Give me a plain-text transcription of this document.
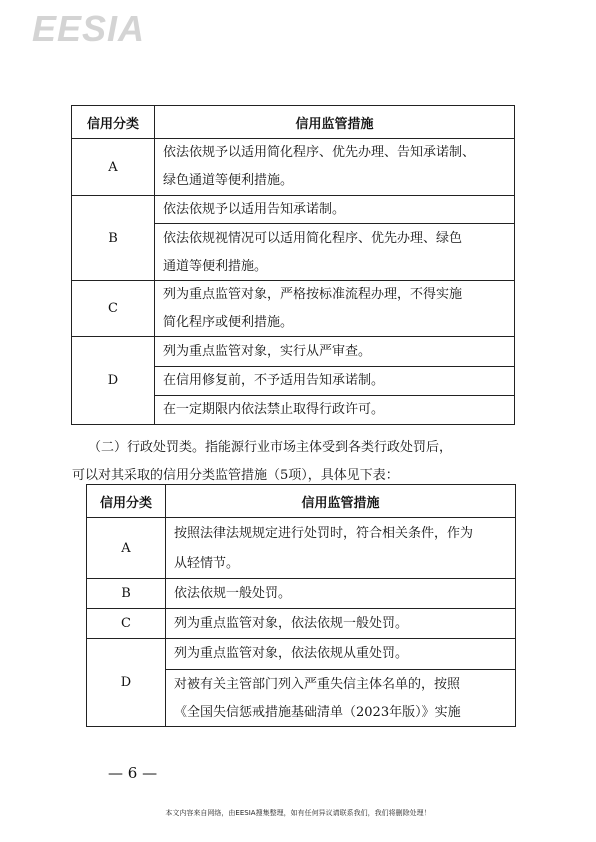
EESIA
信用分类	信用监管措施
A	依法依规予以适用简化程序、优先办理、告知承诺制、
绿色通道等便利措施。

B	依法依规予以适用告知承诺制。
依法依规视情况可以适用简化程序、优先办理、绿色
通道等便利措施。

C	列为重点监管对象，严格按标准流程办理，不得实施
简化程序或便利措施。

D	列为重点监管对象，实行从严审查。
在信用修复前，不予适用告知承诺制。
在一定期限内依法禁止取得行政许可。
（二）行政处罚类。指能源行业市场主体受到各类行政处罚后，
可以对其采取的信用分类监管措施（5项），具体见下表：
信用分类	信用监管措施
A	按照法律法规规定进行处罚时，符合相关条件，作为
从轻情节。

B	依法依规一般处罚。

C	列为重点监管对象，依法依规一般处罚。

D	列为重点监管对象，依法依规从重处罚。
对被有关主管部门列入严重失信主体名单的，按照
《全国失信惩戒措施基础清单（2023年版）》实施
— 6 —
本文内容来自网络，由EESIA搜集整理，如有任何异议请联系我们，我们将删除处理！
